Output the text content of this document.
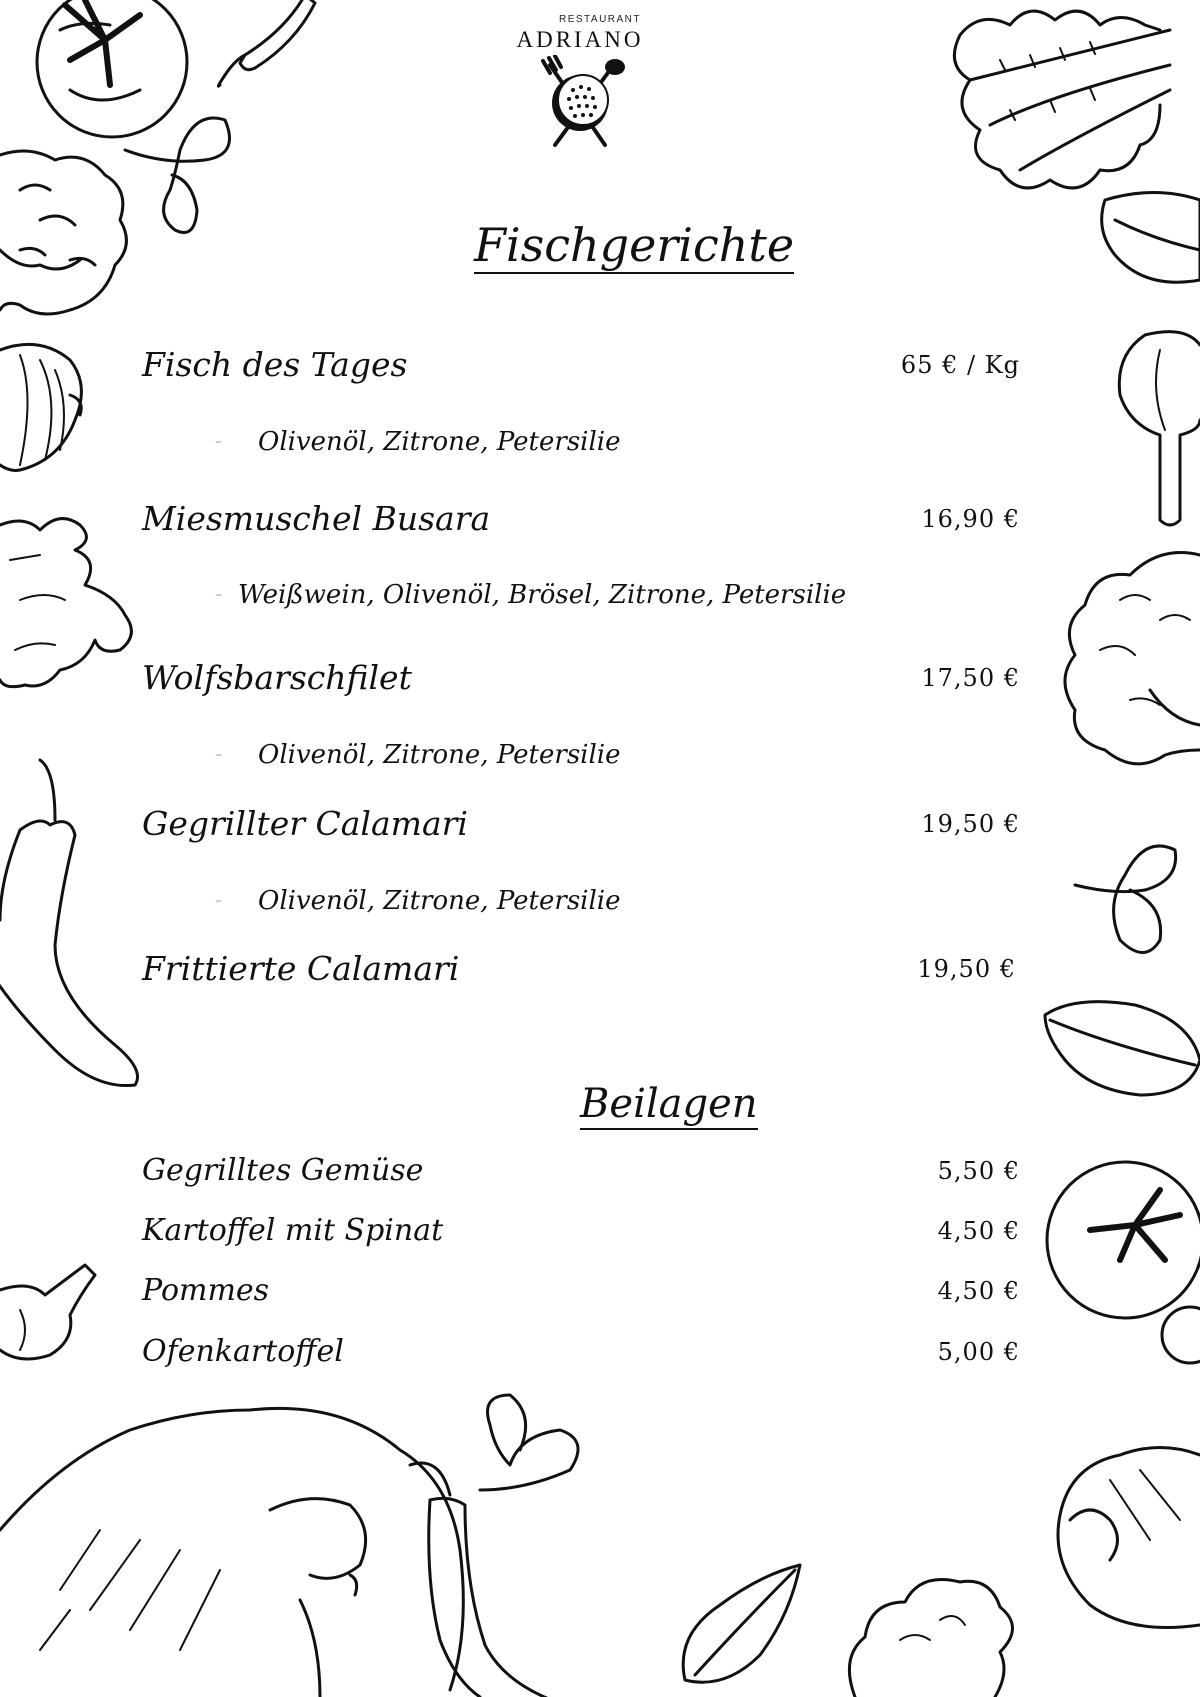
RESTAURANT
ADRIANO
Fischgerichte
Fisch des Tages	65 € / Kg
– Olivenöl, Zitrone, Petersilie
Miesmuschel Busara	16,90 €
– Weißwein, Olivenöl, Brösel, Zitrone, Petersilie
Wolfsbarschfilet	17,50 €
– Olivenöl, Zitrone, Petersilie
Gegrillter Calamari	19,50 €
– Olivenöl, Zitrone, Petersilie
Frittierte Calamari	19,50 €
Beilagen
Gegrilltes Gemüse	5,50 €
Kartoffel mit Spinat	4,50 €
Pommes	4,50 €
Ofenkartoffel	5,00 €
